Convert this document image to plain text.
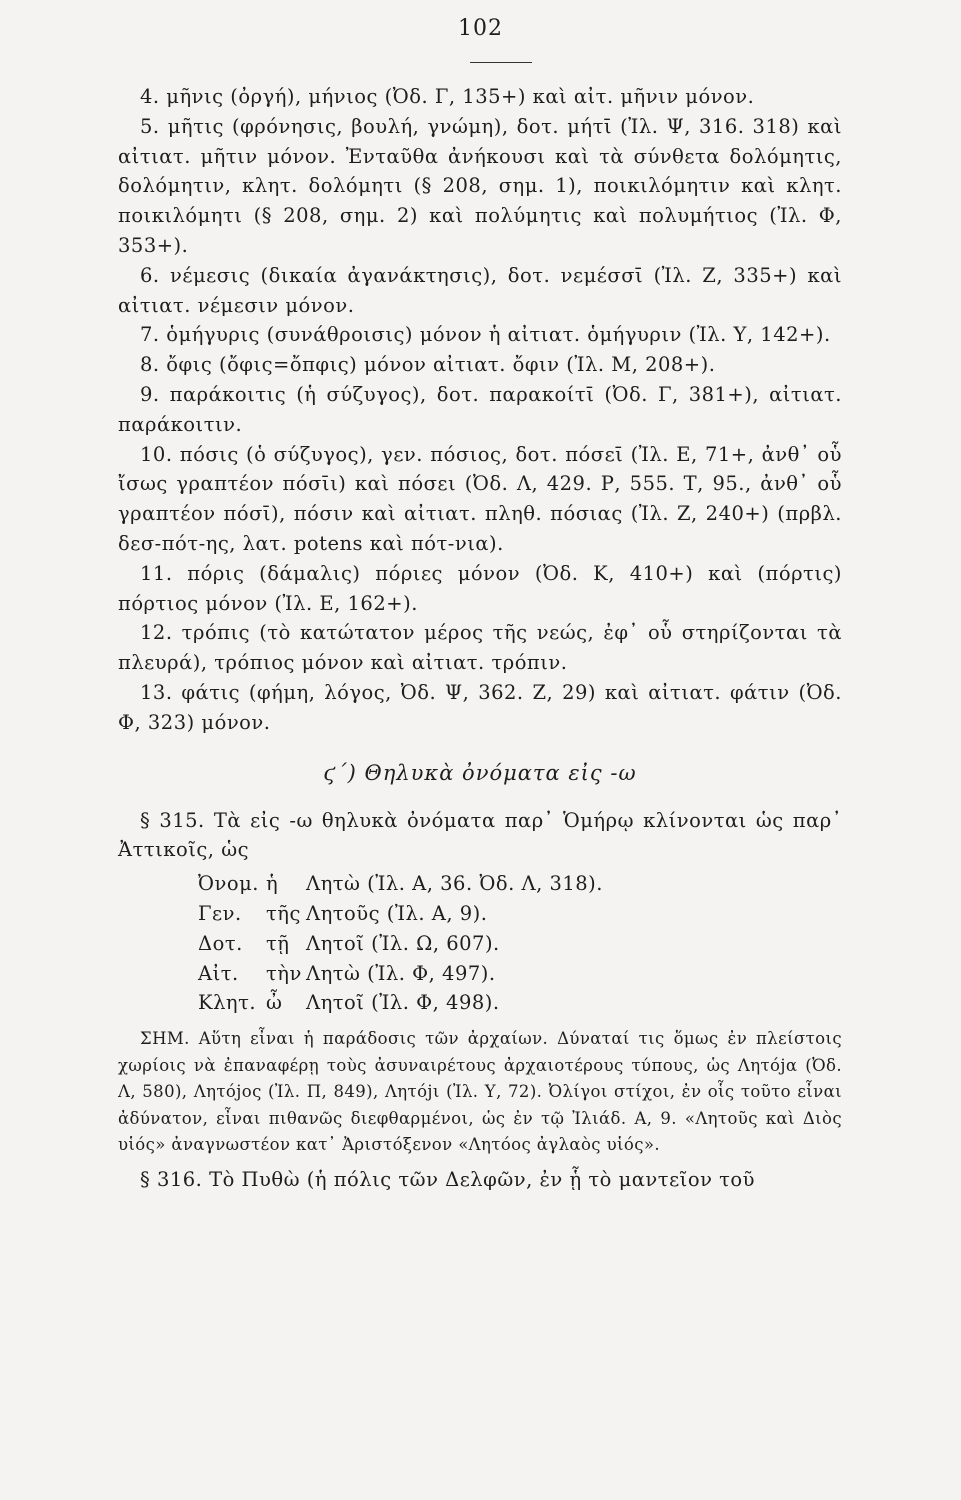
102

4. μῆνις (ὀργή), μήνιος (Ὀδ. Γ, 135+) καὶ αἰτ. μῆνιν μόνον.

5. μῆτις (φρόνησις, βουλή, γνώμη), δοτ. μήτῑ (Ἰλ. Ψ, 316. 318) καὶ αἰτιατ. μῆτιν μόνον. Ἐνταῦθα ἀνήκουσι καὶ τὰ σύνθετα δολόμητις, δολόμητιν, κλητ. δολόμητι (§ 208, σημ. 1), ποικιλόμητιν καὶ κλητ. ποικιλόμητι (§ 208, σημ. 2) καὶ πολύμητις καὶ πολυμήτιος (Ἰλ. Φ, 353+).

6. νέμεσις (δικαία ἀγανάκτησις), δοτ. νεμέσσῑ (Ἰλ. Ζ, 335+) καὶ αἰτιατ. νέμεσιν μόνον.

7. ὁμήγυρις (συνάθροισις) μόνον ἡ αἰτιατ. ὁμήγυριν (Ἰλ. Υ, 142+).

8. ὄφις (ὄφις=ὄπφις) μόνον αἰτιατ. ὄφιν (Ἰλ. Μ, 208+).

9. παράκοιτις (ἡ σύζυγος), δοτ. παρακοίτῑ (Ὀδ. Γ, 381+), αἰτιατ. παράκοιτιν.

10. πόσις (ὁ σύζυγος), γεν. πόσιος, δοτ. πόσεῑ (Ἰλ. Ε, 71+, ἀνθ᾿ οὗ ἴσως γραπτέον πόσῑι) καὶ πόσει (Ὀδ. Λ, 429. Ρ, 555. Τ, 95., ἀνθ᾿ οὗ γραπτέον πόσῑ), πόσιν καὶ αἰτιατ. πληθ. πόσιας (Ἰλ. Ζ, 240+) (πρβλ. δεσ-πότ-ης, λατ. potens καὶ πότ-νια).

11. πόρις (δάμαλις) πόριες μόνον (Ὀδ. Κ, 410+) καὶ (πόρτις) πόρτιος μόνον (Ἰλ. Ε, 162+).

12. τρόπις (τὸ κατώτατον μέρος τῆς νεώς, ἐφ᾿ οὗ στηρίζονται τὰ πλευρά), τρόπιος μόνον καὶ αἰτιατ. τρόπιν.

13. φάτις (φήμη, λόγος, Ὀδ. Ψ, 362. Ζ, 29) καὶ αἰτιατ. φάτιν (Ὀδ. Φ, 323) μόνον.

ϛ΄) Θηλυκὰ ὀνόματα εἰς -ω

§ 315. Τὰ εἰς -ω θηλυκὰ ὀνόματα παρ᾿ Ὁμήρῳ κλίνονται ὡς παρ᾿ Ἀττικοῖς, ὡς

Ὀνομ. ἡ	Λητὼ (Ἰλ. Α, 36. Ὀδ. Λ, 318).
Γεν.	τῆς Λητοῦς (Ἰλ. Α, 9).
Δοτ.	τῇ Λητοῖ (Ἰλ. Ω, 607).
Αἰτ.	τὴν Λητὼ (Ἰλ. Φ, 497).
Κλητ. ὦ	Λητοῖ (Ἰλ. Φ, 498).

ΣΗΜ. Αὕτη εἶναι ἡ παράδοσις τῶν ἀρχαίων. Δύναταί τις ὅμως ἐν πλείστοις χωρίοις νὰ ἐπαναφέρῃ τοὺς ἀσυναιρέτους ἀρχαιοτέρους τύπους, ὡς Λητόjα (Ὀδ. Λ, 580), Λητόjος (Ἰλ. Π, 849), Λητόjι (Ἰλ. Υ, 72). Ὀλίγοι στίχοι, ἐν οἷς τοῦτο εἶναι ἀδύνατον, εἶναι πιθανῶς διεφθαρμένοι, ὡς ἐν τῷ Ἰλιάδ. Α, 9. «Λητοῦς καὶ Διὸς υἱός» ἀναγνωστέον κατ᾿ Ἀριστόξενον «Λητόος ἀγλαὸς υἱός».

§ 316. Τὸ Πυθὼ (ἡ πόλις τῶν Δελφῶν, ἐν ᾗ τὸ μαντεῖον τοῦ
